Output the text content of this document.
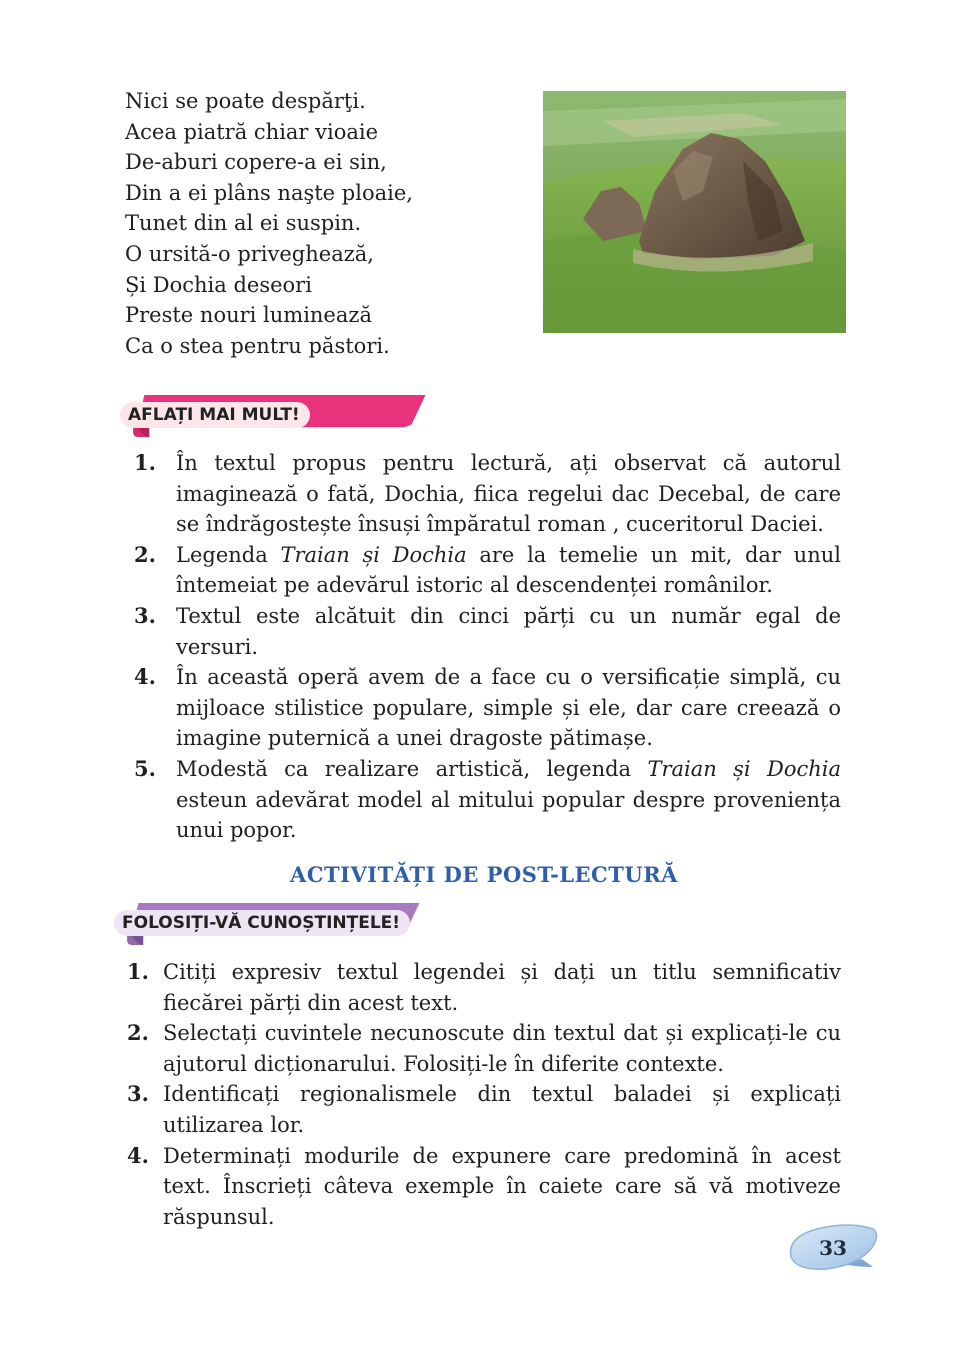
Nici se poate despărţi.
Acea piatră chiar vioaie
De-aburi copere-a ei sin,
Din a ei plâns naşte ploaie,
Tunet din al ei suspin.
O ursită-o priveghează,
Și Dochia deseori
Preste nouri luminează
Ca o stea pentru păstori.
AFLAȚI MAI MULT!
1. În textul propus pentru lectură, ați observat că autorul imaginează o fată, Dochia, fiica regelui dac Decebal, de care se îndrăgostește însuși împăratul roman , cuceritorul Daciei.
2. Legenda Traian și Dochia are la temelie un mit, dar unul întemeiat pe adevărul istoric al descendenței românilor.
3. Textul este alcătuit din cinci părți cu un număr egal de versuri.
4. În această operă avem de a face cu o versificație simplă, cu mijloace stilistice populare, simple și ele, dar care creează o imagine puternică a unei dragoste pătimașe.
5. Modestă ca realizare artistică, legenda Traian și Dochia esteun adevărat model al mitului popular despre proveniența unui popor.
ACTIVITĂȚI DE POST-LECTURĂ
FOLOSIȚI-VĂ CUNOȘTINȚELE!
1. Citiți expresiv textul legendei și dați un titlu semnificativ fiecărei părți din acest text.
2. Selectați cuvintele necunoscute din textul dat și explicați-le cu ajutorul dicționarului. Folosiți-le în diferite contexte.
3. Identificați regionalismele din textul baladei și explicați utilizarea lor.
4. Determinați modurile de expunere care predomină în acest text. Înscrieți câteva exemple în caiete care să vă motiveze răspunsul.
33
